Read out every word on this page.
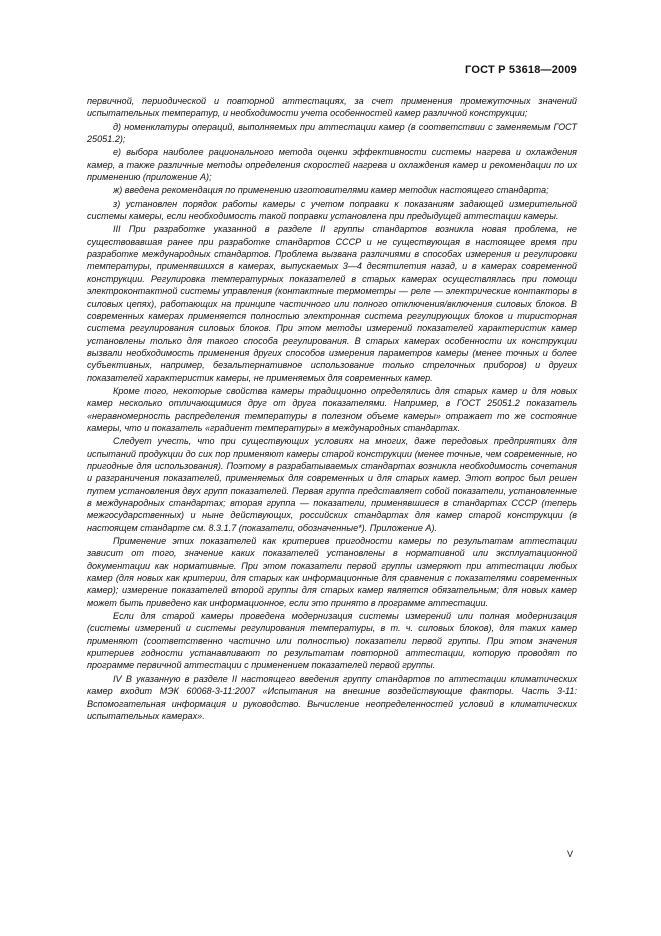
ГОСТ Р 53618—2009

первичной, периодической и повторной аттестациях, за счет применения промежуточных значений испытательных температур, и необходимости учета особенностей камер различной конструкции;

д) номенклатуры операций, выполняемых при аттестации камер (в соответствии с заменяемым ГОСТ 25051.2);

е) выбора наиболее рационального метода оценки эффективности системы нагрева и охлаждения камер, а также различные методы определения скоростей нагрева и охлаждения камер и рекомендации по их применению (приложение А);

ж) введена рекомендация по применению изготовителями камер методик настоящего стандарта;

з) установлен порядок работы камеры с учетом поправки к показаниям задающей измерительной системы камеры, если необходимость такой поправки установлена при предыдущей аттестации камеры.

III При разработке указанной в разделе II группы стандартов возникла новая проблема, не существовавшая ранее при разработке стандартов СССР и не существующая в настоящее время при разработке международных стандартов. Проблема вызвана различиями в способах измерения и регулировки температуры, применявшихся в камерах, выпускаемых 3—4 десятилетия назад, и в камерах современной конструкции. Регулировка температурных показателей в старых камерах осуществлялась при помощи электроконтактной системы управления (контактные термометры — реле — электрические контакторы в силовых цепях), работающих на принципе частичного или полного отключения/включения силовых блоков. В современных камерах применяется полностью электронная система регулирующих блоков и тиристорная система регулирования силовых блоков. При этом методы измерений показателей характеристик камер установлены только для такого способа регулирования. В старых камерах особенности их конструкции вызвали необходимость применения других способов измерения параметров камеры (менее точных и более субъективных, например, безальтернативное использование только стрелочных приборов) и других показателей характеристик камеры, не применяемых для современных камер.

Кроме того, некоторые свойства камеры традиционно определялись для старых камер и для новых камер несколько отличающимися друг от друга показателями. Например, в ГОСТ 25051.2 показатель «неравномерность распределения температуры в полезном объеме камеры» отражает то же состояние камеры, что и показатель «градиент температуры» в международных стандартах.

Следует учесть, что при существующих условиях на многих, даже передовых предприятиях для испытаний продукции до сих пор применяют камеры старой конструкции (менее точные, чем современные, но пригодные для использования). Поэтому в разрабатываемых стандартах возникла необходимость сочетания и разграничения показателей, применяемых для современных и для старых камер. Этот вопрос был решен путем установления двух групп показателей. Первая группа представляет собой показатели, установленные в международных стандартах; вторая группа — показатели, применявшиеся в стандартах СССР (теперь межгосударственных) и ныне действующих, российских стандартах для камер старой конструкции (в настоящем стандарте см. 8.3.1.7 (показатели, обозначенные*). Приложение А).

Применение этих показателей как критериев пригодности камеры по результатам аттестации зависит от того, значение каких показателей установлены в нормативной или эксплуатационной документации как нормативные. При этом показатели первой группы измеряют при аттестации любых камер (для новых как критерии, для старых как информационные для сравнения с показателями современных камер); измерение показателей второй группы для старых камер является обязательным; для новых камер может быть приведено как информационное, если это принято в программе аттестации.

Если для старой камеры проведена модернизация системы измерений или полная модернизация (системы измерений и системы регулирования температуры, в т. ч. силовых блоков), для таких камер применяют (соответственно частично или полностью) показатели первой группы. При этом значения критериев годности устанавливают по результатам повторной аттестации, которую проводят по программе первичной аттестации с применением показателей первой группы.

IV В указанную в разделе II настоящего введения группу стандартов по аттестации климатических камер входит МЭК 60068-3-11:2007 «Испытания на внешние воздействующие факторы. Часть 3-11: Вспомогательная информация и руководство. Вычисление неопределенностей условий в климатических испытательных камерах».

V
